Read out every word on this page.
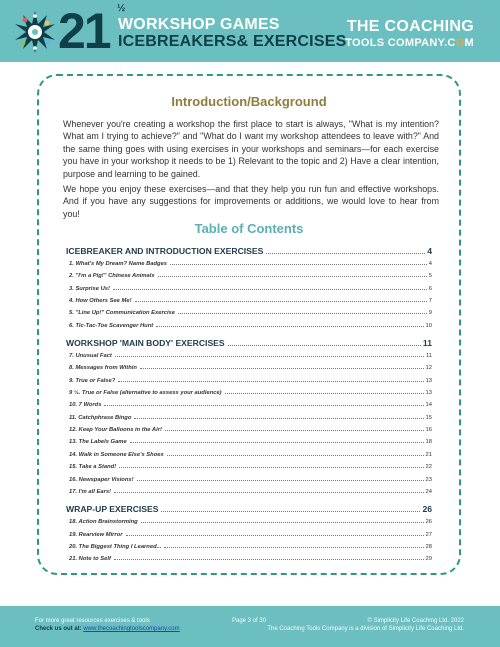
21 ½
WORKSHOP GAMES
ICEBREAKERS& EXERCISES
THE COACHING
TOOLS COMPANY.COM
Introduction/Background
Whenever you're creating a workshop the first place to start is always, "What is my intention? What am I trying to achieve?" and "What do I want my workshop attendees to leave with?" And the same thing goes with using exercises in your workshops and seminars—for each exercise you have in your workshop it needs to be 1) Relevant to the topic and 2) Have a clear intention, purpose and learning to be gained.
We hope you enjoy these exercises—and that they help you run fun and effective workshops. And if you have any suggestions for improvements or additions, we would love to hear from you!
Table of Contents
ICEBREAKER AND INTRODUCTION EXERCISES	4
1. What's My Dream? Name Badges	4
2. "I'm a Pig!" Chinese Animals	5
3. Surprise Us!	6
4. How Others See Me!	7
5. "Line Up!" Communication Exercise	9
6. Tic-Tac-Toe Scavenger Hunt	10
WORKSHOP 'MAIN BODY' EXERCISES	11
7. Unusual Fact	11
8. Messages from Within	12
9. True or False?	13
9 ½. True or False (alternative to assess your audience)	13
10. 7 Words	14
11. Catchphrase Bingo	15
12. Keep Your Balloons in the Air!	16
13. The Labels Game	18
14. Walk in Someone Else's Shoes	21
15. Take a Stand!	22
16. Newspaper Visions!	23
17. I'm all Ears!	24
WRAP-UP EXERCISES	26
18. Action Brainstorming	26
19. Rearview Mirror	27
20. The Biggest Thing I Learned...	28
21. Note to Self	29
For more great resources exercises & tools
Check us out at: www.thecoachingtoolscompany.com
Page 3 of 30	© Simplicity Life Coaching Ltd. 2022
The Coaching Tools Company is a division of Simplicity Life Coaching Ltd.
